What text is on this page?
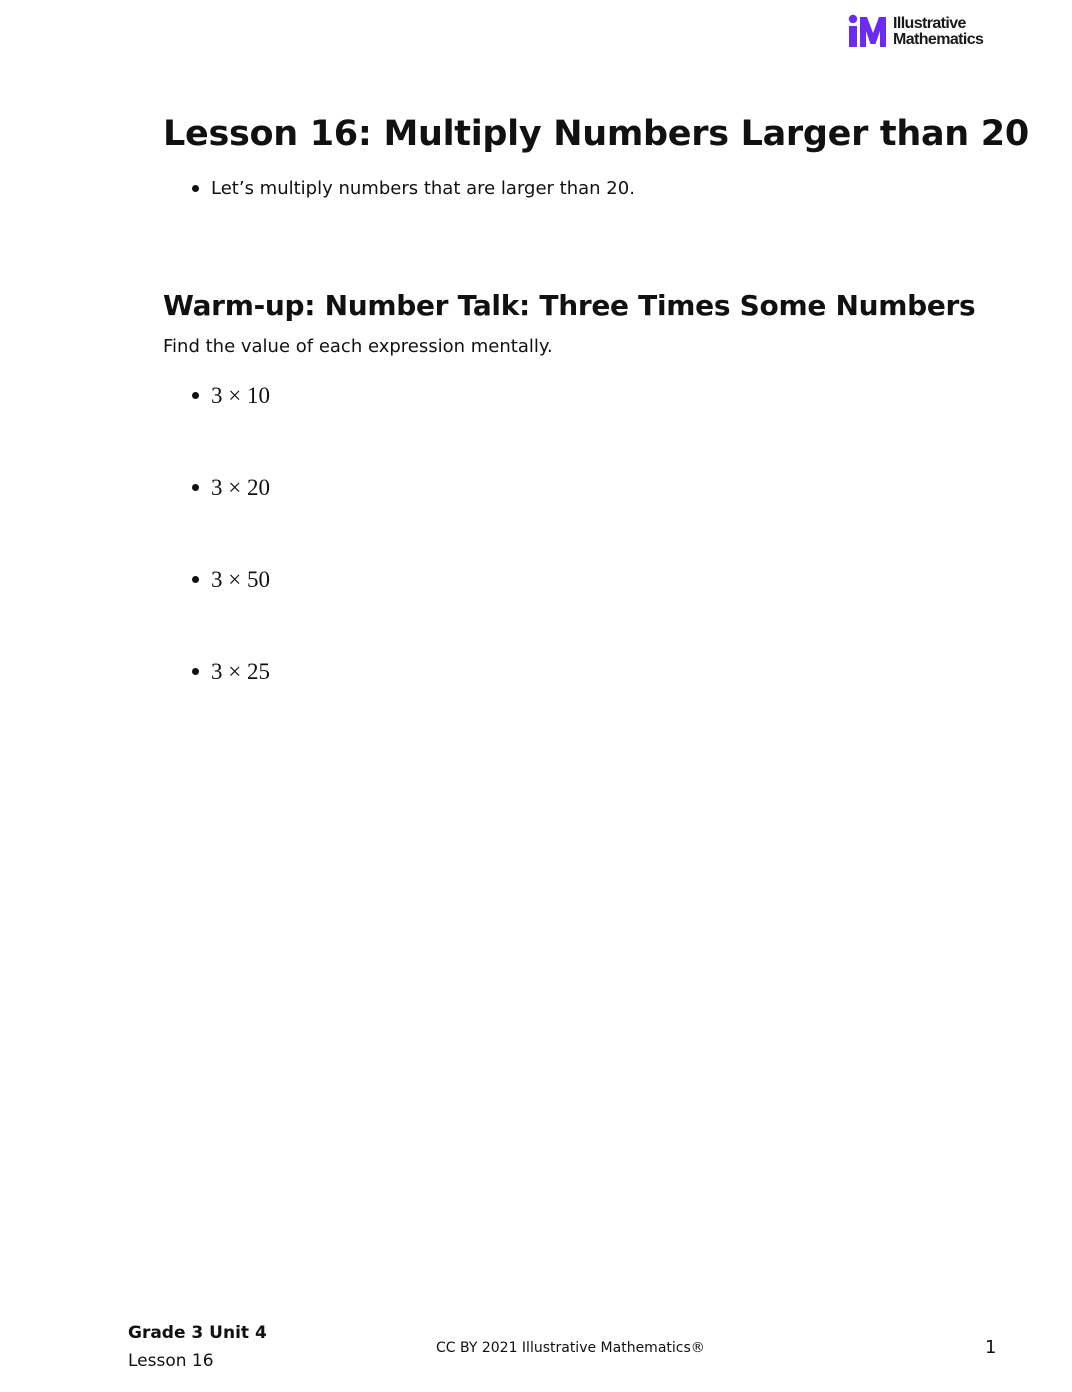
Illustrative
Mathematics
Lesson 16: Multiply Numbers Larger than 20
Let’s multiply numbers that are larger than 20.
Warm-up: Number Talk: Three Times Some Numbers

Find the value of each expression mentally.

3 × 10
3 × 20
3 × 50
3 × 25
Grade 3 Unit 4
Lesson 16
CC BY 2021 Illustrative Mathematics®	1
